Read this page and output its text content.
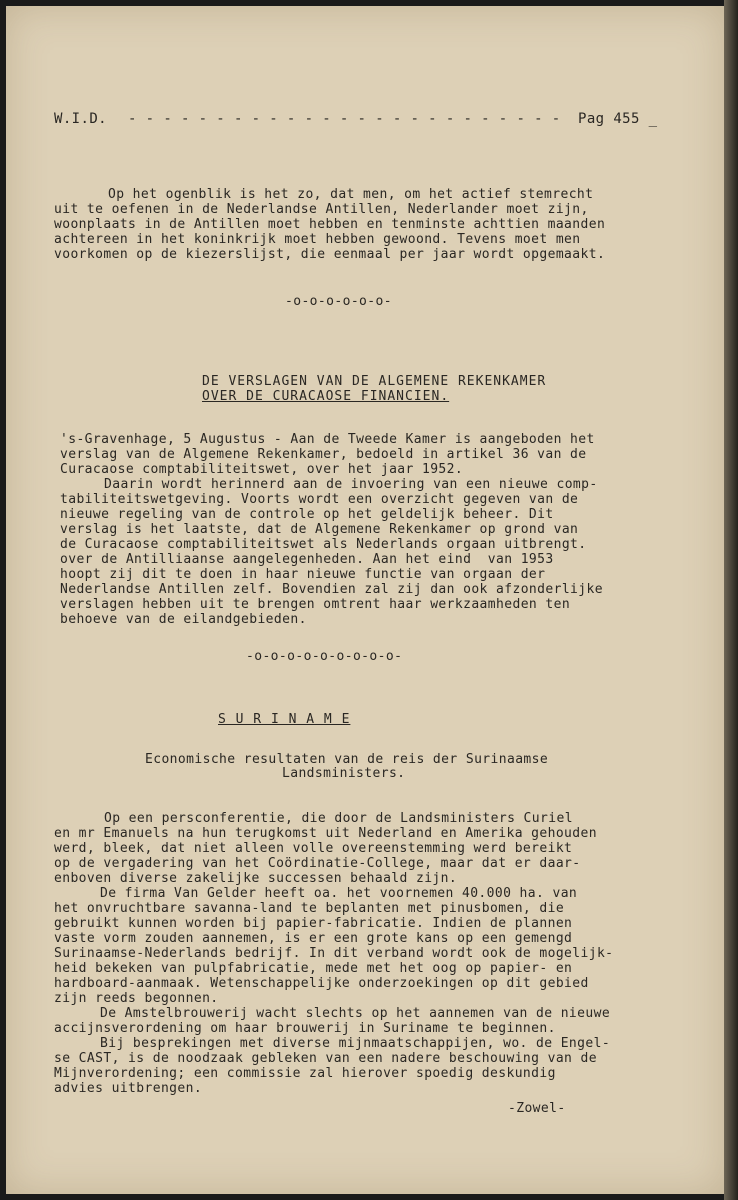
W.I.D. - - - - - - - - - - - - - - - - - - - - - - - - - Pag 455 _
Op het ogenblik is het zo, dat men, om het actief stemrecht
uit te oefenen in de Nederlandse Antillen, Nederlander moet zijn,
woonplaats in de Antillen moet hebben en tenminste achttien maanden
achtereen in het koninkrijk moet hebben gewoond. Tevens moet men
voorkomen op de kiezerslijst, die eenmaal per jaar wordt opgemaakt.
-o-o-o-o-o-o-
DE VERSLAGEN VAN DE ALGEMENE REKENKAMER
OVER DE CURACAOSE FINANCIEN.
's-Gravenhage, 5 Augustus - Aan de Tweede Kamer is aangeboden het
verslag van de Algemene Rekenkamer, bedoeld in artikel 36 van de
Curacaose comptabiliteitswet, over het jaar 1952.
Daarin wordt herinnerd aan de invoering van een nieuwe comp-
tabiliteitswetgeving. Voorts wordt een overzicht gegeven van de
nieuwe regeling van de controle op het geldelijk beheer. Dit
verslag is het laatste, dat de Algemene Rekenkamer op grond van
de Curacaose comptabiliteitswet als Nederlands orgaan uitbrengt.
over de Antilliaanse aangelegenheden. Aan het eind  van 1953
hoopt zij dit te doen in haar nieuwe functie van orgaan der
Nederlandse Antillen zelf. Bovendien zal zij dan ook afzonderlijke
verslagen hebben uit te brengen omtrent haar werkzaamheden ten
behoeve van de eilandgebieden.
-o-o-o-o-o-o-o-o-o-
S U R I N A M E
Economische resultaten van de reis der Surinaamse
Landsministers.
Op een persconferentie, die door de Landsministers Curiel
en mr Emanuels na hun terugkomst uit Nederland en Amerika gehouden
werd, bleek, dat niet alleen volle overeenstemming werd bereikt
op de vergadering van het Coördinatie-College, maar dat er daar-
enboven diverse zakelijke successen behaald zijn.
De firma Van Gelder heeft oa. het voornemen 40.000 ha. van
het onvruchtbare savanna-land te beplanten met pinusbomen, die
gebruikt kunnen worden bij papier-fabricatie. Indien de plannen
vaste vorm zouden aannemen, is er een grote kans op een gemengd
Surinaamse-Nederlands bedrijf. In dit verband wordt ook de mogelijk-
heid bekeken van pulpfabricatie, mede met het oog op papier- en
hardboard-aanmaak. Wetenschappelijke onderzoekingen op dit gebied
zijn reeds begonnen.
De Amstelbrouwerij wacht slechts op het aannemen van de nieuwe
accijnsverordening om haar brouwerij in Suriname te beginnen.
Bij besprekingen met diverse mijnmaatschappijen, wo. de Engel-
se CAST, is de noodzaak gebleken van een nadere beschouwing van de
Mijnverordening; een commissie zal hierover spoedig deskundig
advies uitbrengen.
-Zowel-
